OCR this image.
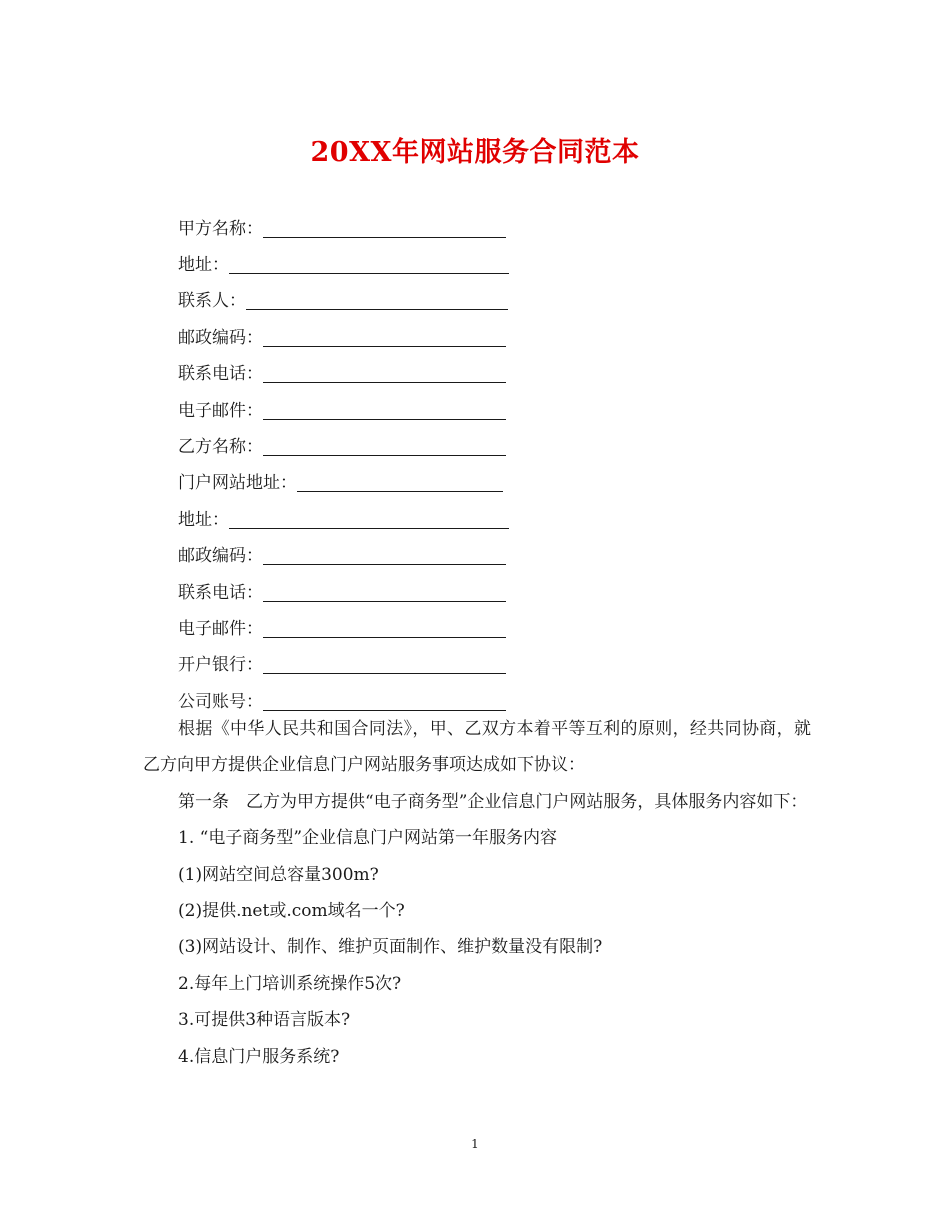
20XX年网站服务合同范本
甲方名称：
地址：
联系人：
邮政编码：
联系电话：
电子邮件：
乙方名称：
门户网站地址：
地址：
邮政编码：
联系电话：
电子邮件：
开户银行：
公司账号：

根据《中华人民共和国合同法》，甲、乙双方本着平等互利的原则，经共同协商，就乙方向甲方提供企业信息门户网站服务事项达成如下协议：

第一条　乙方为甲方提供“电子商务型”企业信息门户网站服务，具体服务内容如下：

1. “电子商务型”企业信息门户网站第一年服务内容

(1)网站空间总容量300m?

(2)提供.net或.com域名一个?

(3)网站设计、制作、维护页面制作、维护数量没有限制?

2.每年上门培训系统操作5次?

3.可提供3种语言版本?

4.信息门户服务系统?

1
